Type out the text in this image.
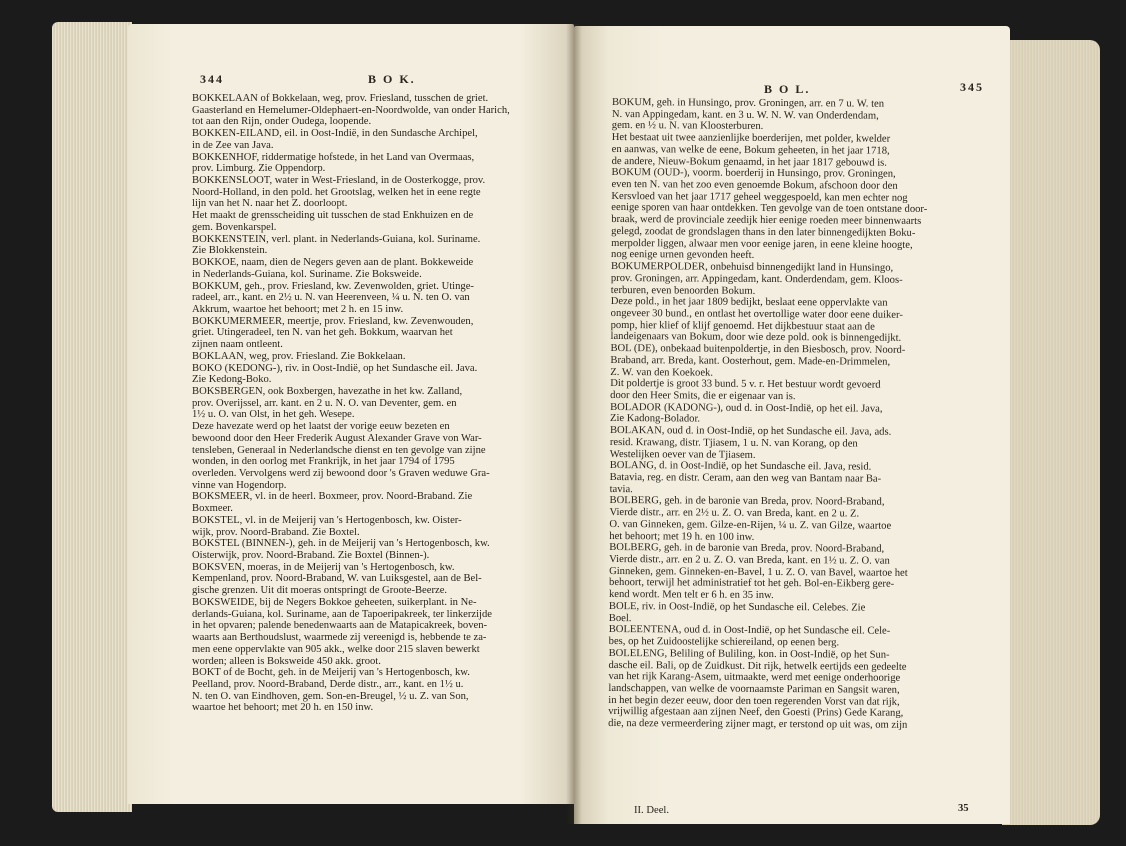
344	B O K.
B O L.	345

BOKKELAAN of Bokkelaan, weg, prov. Friesland, tusschen de griet.

Gaasterland en Hemelumer-Oldephaert-en-Noordwolde, van onder Harich,

tot aan den Rijn, onder Oudega, loopende.

BOKKEN-EILAND, eil. in Oost-Indië, in den Sundasche Archipel,

in de Zee van Java.

BOKKENHOF, riddermatige hofstede, in het Land van Overmaas,

prov. Limburg. Zie Oppendorp.

BOKKENSLOOT, water in West-Friesland, in de Oosterkogge, prov.

Noord-Holland, in den pold. het Grootslag, welken het in eene regte

lijn van het N. naar het Z. doorloopt.

Het maakt de grensscheiding uit tusschen de stad Enkhuizen en de

gem. Bovenkarspel.

BOKKENSTEIN, verl. plant. in Nederlands-Guiana, kol. Suriname.

Zie Blokkenstein.

BOKKOE, naam, dien de Negers geven aan de plant. Bokkeweide

in Nederlands-Guiana, kol. Suriname. Zie Boksweide.

BOKKUM, geh., prov. Friesland, kw. Zevenwolden, griet. Utinge-

radeel, arr., kant. en 2½ u. N. van Heerenveen, ¼ u. N. ten O. van

Akkrum, waartoe het behoort; met 2 h. en 15 inw.

BOKKUMERMEER, meertje, prov. Friesland, kw. Zevenwouden,

griet. Utingeradeel, ten N. van het geh. Bokkum, waarvan het

zijnen naam ontleent.

BOKLAAN, weg, prov. Friesland. Zie Bokkelaan.

BOKO (KEDONG-), riv. in Oost-Indië, op het Sundasche eil. Java.

Zie Kedong-Boko.

BOKSBERGEN, ook Boxbergen, havezathe in het kw. Zalland,

prov. Overijssel, arr. kant. en 2 u. N. O. van Deventer, gem. en

1½ u. O. van Olst, in het geh. Wesepe.

Deze havezate werd op het laatst der vorige eeuw bezeten en

bewoond door den Heer Frederik August Alexander Grave von War-

tensleben, Generaal in Nederlandsche dienst en ten gevolge van zijne

wonden, in den oorlog met Frankrijk, in het jaar 1794 of 1795

overleden. Vervolgens werd zij bewoond door 's Graven weduwe Gra-

vinne van Hogendorp.

BOKSMEER, vl. in de heerl. Boxmeer, prov. Noord-Braband. Zie

Boxmeer.

BOKSTEL, vl. in de Meijerij van 's Hertogenbosch, kw. Oister-

wijk, prov. Noord-Braband. Zie Boxtel.

BOKSTEL (BINNEN-), geh. in de Meijerij van 's Hertogenbosch, kw.

Oisterwijk, prov. Noord-Braband. Zie Boxtel (Binnen-).

BOKSVEN, moeras, in de Meijerij van 's Hertogenbosch, kw.

Kempenland, prov. Noord-Braband, W. van Luiksgestel, aan de Bel-

gische grenzen. Uit dit moeras ontspringt de Groote-Beerze.

BOKSWEIDE, bij de Negers Bokkoe geheeten, suikerplant. in Ne-

derlands-Guiana, kol. Suriname, aan de Tapoeripakreek, ter linkerzijde

in het opvaren; palende benedenwaarts aan de Matapicakreek, boven-

waarts aan Berthoudslust, waarmede zij vereenigd is, hebbende te za-

men eene oppervlakte van 905 akk., welke door 215 slaven bewerkt

worden; alleen is Boksweide 450 akk. groot.

BOKT of de Bocht, geh. in de Meijerij van 's Hertogenbosch, kw.

Peelland, prov. Noord-Braband, Derde distr., arr., kant. en 1½ u.

N. ten O. van Eindhoven, gem. Son-en-Breugel, ½ u. Z. van Son,

waartoe het behoort; met 20 h. en 150 inw.

BOKUM, geh. in Hunsingo, prov. Groningen, arr. en 7 u. W. ten

N. van Appingedam, kant. en 3 u. W. N. W. van Onderdendam,

gem. en ½ u. N. van Kloosterburen.

Het bestaat uit twee aanzienlijke boerderijen, met polder, kwelder

en aanwas, van welke de eene, Bokum geheeten, in het jaar 1718,

de andere, Nieuw-Bokum genaamd, in het jaar 1817 gebouwd is.

BOKUM (OUD-), voorm. boerderij in Hunsingo, prov. Groningen,

even ten N. van het zoo even genoemde Bokum, afschoon door den

Kersvloed van het jaar 1717 geheel weggespoeld, kan men echter nog

eenige sporen van haar ontdekken. Ten gevolge van de toen ontstane door-

braak, werd de provinciale zeedijk hier eenige roeden meer binnenwaarts

gelegd, zoodat de grondslagen thans in den later binnengedijkten Boku-

merpolder liggen, alwaar men voor eenige jaren, in eene kleine hoogte,

nog eenige urnen gevonden heeft.

BOKUMERPOLDER, onbehuisd binnengedijkt land in Hunsingo,

prov. Groningen, arr. Appingedam, kant. Onderdendam, gem. Kloos-

terburen, even benoorden Bokum.

Deze pold., in het jaar 1809 bedijkt, beslaat eene oppervlakte van

ongeveer 30 bund., en ontlast het overtollige water door eene duiker-

pomp, hier klief of klijf genoemd. Het dijkbestuur staat aan de

landeigenaars van Bokum, door wie deze pold. ook is binnengedijkt.

BOL (DE), onbekaad buitenpoldertje, in den Biesbosch, prov. Noord-

Braband, arr. Breda, kant. Oosterhout, gem. Made-en-Drimmelen,

Z. W. van den Koekoek.

Dit poldertje is groot 33 bund. 5 v. r. Het bestuur wordt gevoerd

door den Heer Smits, die er eigenaar van is.

BOLADOR (KADONG-), oud d. in Oost-Indië, op het eil. Java,

Zie Kadong-Bolador.

BOLAKAN, oud d. in Oost-Indië, op het Sundasche eil. Java, ads.

resid. Krawang, distr. Tjiasem, 1 u. N. van Korang, op den

Westelijken oever van de Tjiasem.

BOLANG, d. in Oost-Indië, op het Sundasche eil. Java, resid.

Batavia, reg. en distr. Ceram, aan den weg van Bantam naar Ba-

tavia.

BOLBERG, geh. in de baronie van Breda, prov. Noord-Braband,

Vierde distr., arr. en 2½ u. Z. O. van Breda, kant. en 2 u. Z.

O. van Ginneken, gem. Gilze-en-Rijen, ¼ u. Z. van Gilze, waartoe

het behoort; met 19 h. en 100 inw.

BOLBERG, geh. in de baronie van Breda, prov. Noord-Braband,

Vierde distr., arr. en 2 u. Z. O. van Breda, kant. en 1½ u. Z. O. van

Ginneken, gem. Ginneken-en-Bavel, 1 u. Z. O. van Bavel, waartoe het

behoort, terwijl het administratief tot het geh. Bol-en-Eikberg gere-

kend wordt. Men telt er 6 h. en 35 inw.

BOLE, riv. in Oost-Indië, op het Sundasche eil. Celebes. Zie

Boel.

BOLEENTENA, oud d. in Oost-Indië, op het Sundasche eil. Cele-

bes, op het Zuidoostelijke schiereiland, op eenen berg.

BOLELENG, Beliling of Buliling, kon. in Oost-Indië, op het Sun-

dasche eil. Bali, op de Zuidkust. Dit rijk, hetwelk eertijds een gedeelte

van het rijk Karang-Asem, uitmaakte, werd met eenige onderhoorige

landschappen, van welke de voornaamste Pariman en Sangsit waren,

in het begin dezer eeuw, door den toen regerenden Vorst van dat rijk,

vrijwillig afgestaan aan zijnen Neef, den Goesti (Prins) Gede Karang,

die, na deze vermeerdering zijner magt, er terstond op uit was, om zijn

II. Deel.	35
